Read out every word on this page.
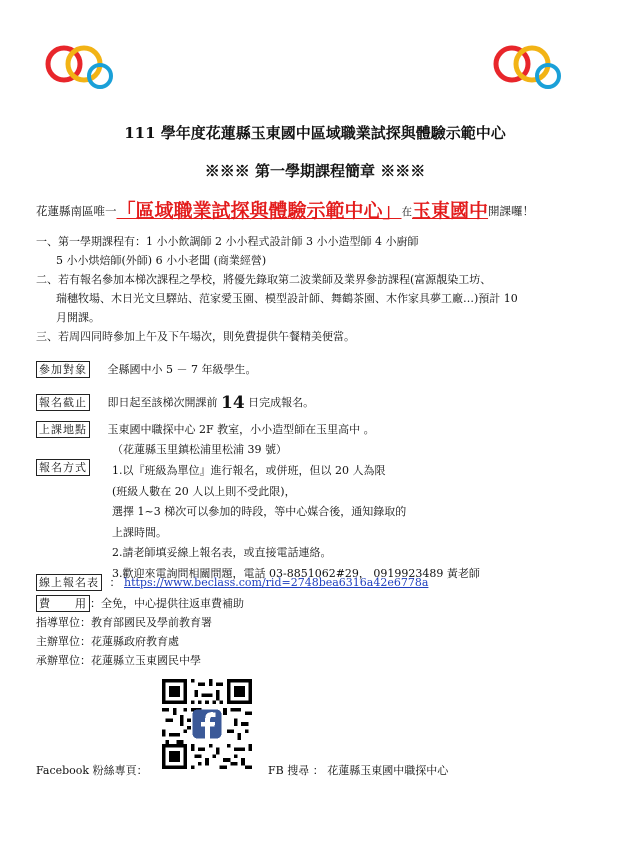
111 學年度花蓮縣玉東國中區域職業試探與體驗示範中心
※※※ 第一學期課程簡章 ※※※
花蓮縣南區唯一「區域職業試探與體驗示範中心」在玉東國中開課囉！
一、第一學期課程有：1 小小飲調師 2 小小程式設計師 3 小小造型師 4 小廚師
5 小小烘焙師(外師) 6 小小老闆 (商業經營)
二、若有報名參加本梯次課程之學校，將優先錄取第二波業師及業界參訪課程(富源靚染工坊、
瑞穗牧場、木日光文旦驛站、范家愛玉園、模型設計師、舞鶴茶園、木作家具夢工廠…)預計 10
月開課。
三、若周四同時參加上午及下午場次，則免費提供午餐精美便當。
參加對象 全縣國中小 5 － 7 年級學生。
報名截止 即日起至該梯次開課前 14 日完成報名。
上課地點 玉東國中職探中心 2F 教室，小小造型師在玉里高中 。
（花蓮縣玉里鎮松浦里松浦 39 號）
報名方式 1.以『班級為單位』進行報名，或併班，但以 20 人為限
(班級人數在 20 人以上則不受此限)，
選擇 1~3 梯次可以參加的時段，等中心媒合後，通知錄取的
上課時間。
2.請老師填妥線上報名表，或直接電話連絡。
3.歡迎來電詢問相關問題，電話 03-8851062#29， 0919923489 黃老師
線上報名表 ： https://www.beclass.com/rid=2748bea6316a42e6778a
費　　用 ：全免，中心提供往返車費補助
指導單位：教育部國民及學前教育署
主辦單位：花蓮縣政府教育處
承辦單位：花蓮縣立玉東國民中學
Facebook 粉絲專頁：	FB 搜尋 ： 花蓮縣玉東國中職探中心
